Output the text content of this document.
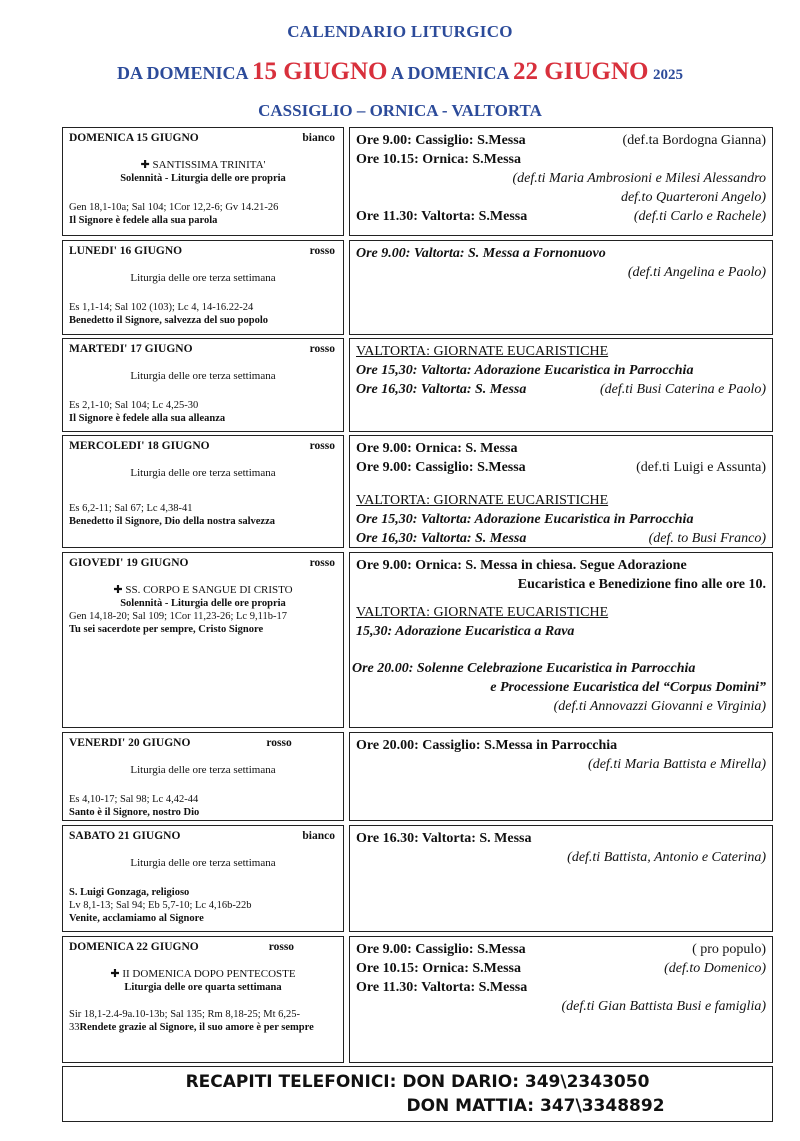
CALENDARIO LITURGICO
DA DOMENICA 15 GIUGNO A DOMENICA 22 GIUGNO 2025
CASSIGLIO – ORNICA - VALTORTA
DOMENICA 15 GIUGNO	bianco
✚ SANTISSIMA TRINITA'
Solennità - Liturgia delle ore propria
Gen 18,1-10a; Sal 104; 1Cor 12,2-6; Gv 14.21-26
Il Signore è fedele alla sua parola
Ore 9.00: Cassiglio: S.Messa	(def.ta Bordogna Gianna)
Ore 10.15: Ornica: S.Messa
(def.ti Maria Ambrosioni e Milesi Alessandro
def.to Quarteroni Angelo)
Ore 11.30: Valtorta: S.Messa	(def.ti Carlo e Rachele)
LUNEDI' 16 GIUGNO	rosso
Liturgia delle ore terza settimana
Es 1,1-14; Sal 102 (103); Lc 4, 14-16.22-24
Benedetto il Signore, salvezza del suo popolo
Ore 9.00: Valtorta: S. Messa a Fornonuovo
(def.ti Angelina e Paolo)
MARTEDI' 17 GIUGNO	rosso
Liturgia delle ore terza settimana
Es 2,1-10; Sal 104; Lc 4,25-30
Il Signore è fedele alla sua alleanza
VALTORTA: GIORNATE EUCARISTICHE
Ore 15,30: Valtorta: Adorazione Eucaristica in Parrocchia
Ore 16,30: Valtorta: S. Messa	(def.ti Busi Caterina e Paolo)
MERCOLEDI' 18 GIUGNO	rosso
Liturgia delle ore terza settimana
Es 6,2-11; Sal 67; Lc 4,38-41
Benedetto il Signore, Dio della nostra salvezza
Ore 9.00: Ornica: S. Messa
Ore 9.00: Cassiglio: S.Messa	(def.ti Luigi e Assunta)
VALTORTA: GIORNATE EUCARISTICHE
Ore 15,30: Valtorta: Adorazione Eucaristica in Parrocchia
Ore 16,30: Valtorta: S. Messa	(def. to Busi Franco)
GIOVEDI' 19 GIUGNO	rosso
✚ SS. CORPO E SANGUE DI CRISTO
Solennità - Liturgia delle ore propria
Gen 14,18-20; Sal 109; 1Cor 11,23-26; Lc 9,11b-17
Tu sei sacerdote per sempre, Cristo Signore
Ore 9.00: Ornica: S. Messa in chiesa. Segue Adorazione
Eucaristica e Benedizione fino alle ore 10.
VALTORTA: GIORNATE EUCARISTICHE
15,30: Adorazione Eucaristica a Rava
Ore 20.00: Solenne Celebrazione Eucaristica in Parrocchia
e Processione Eucaristica del “Corpus Domini”
(def.ti Annovazzi Giovanni e Virginia)
VENERDI' 20 GIUGNO	rosso
Liturgia delle ore terza settimana
Es 4,10-17; Sal 98; Lc 4,42-44
Santo è il Signore, nostro Dio
Ore 20.00: Cassiglio: S.Messa in Parrocchia
(def.ti Maria Battista e Mirella)
SABATO 21 GIUGNO	bianco
Liturgia delle ore terza settimana
S. Luigi Gonzaga, religioso
Lv 8,1-13; Sal 94; Eb 5,7-10; Lc 4,16b-22b
Venite, acclamiamo al Signore
Ore 16.30: Valtorta: S. Messa
(def.ti Battista, Antonio e Caterina)
DOMENICA 22 GIUGNO	rosso
✚ II DOMENICA DOPO PENTECOSTE
Liturgia delle ore quarta settimana
Sir 18,1-2.4-9a.10-13b; Sal 135; Rm 8,18-25; Mt 6,25-
33Rendete grazie al Signore, il suo amore è per sempre
Ore 9.00: Cassiglio: S.Messa	( pro populo)
Ore 10.15: Ornica: S.Messa	(def.to Domenico)
Ore 11.30: Valtorta: S.Messa
(def.ti Gian Battista Busi e famiglia)
RECAPITI TELEFONICI: DON DARIO: 349\2343050
DON MATTIA: 347\3348892
